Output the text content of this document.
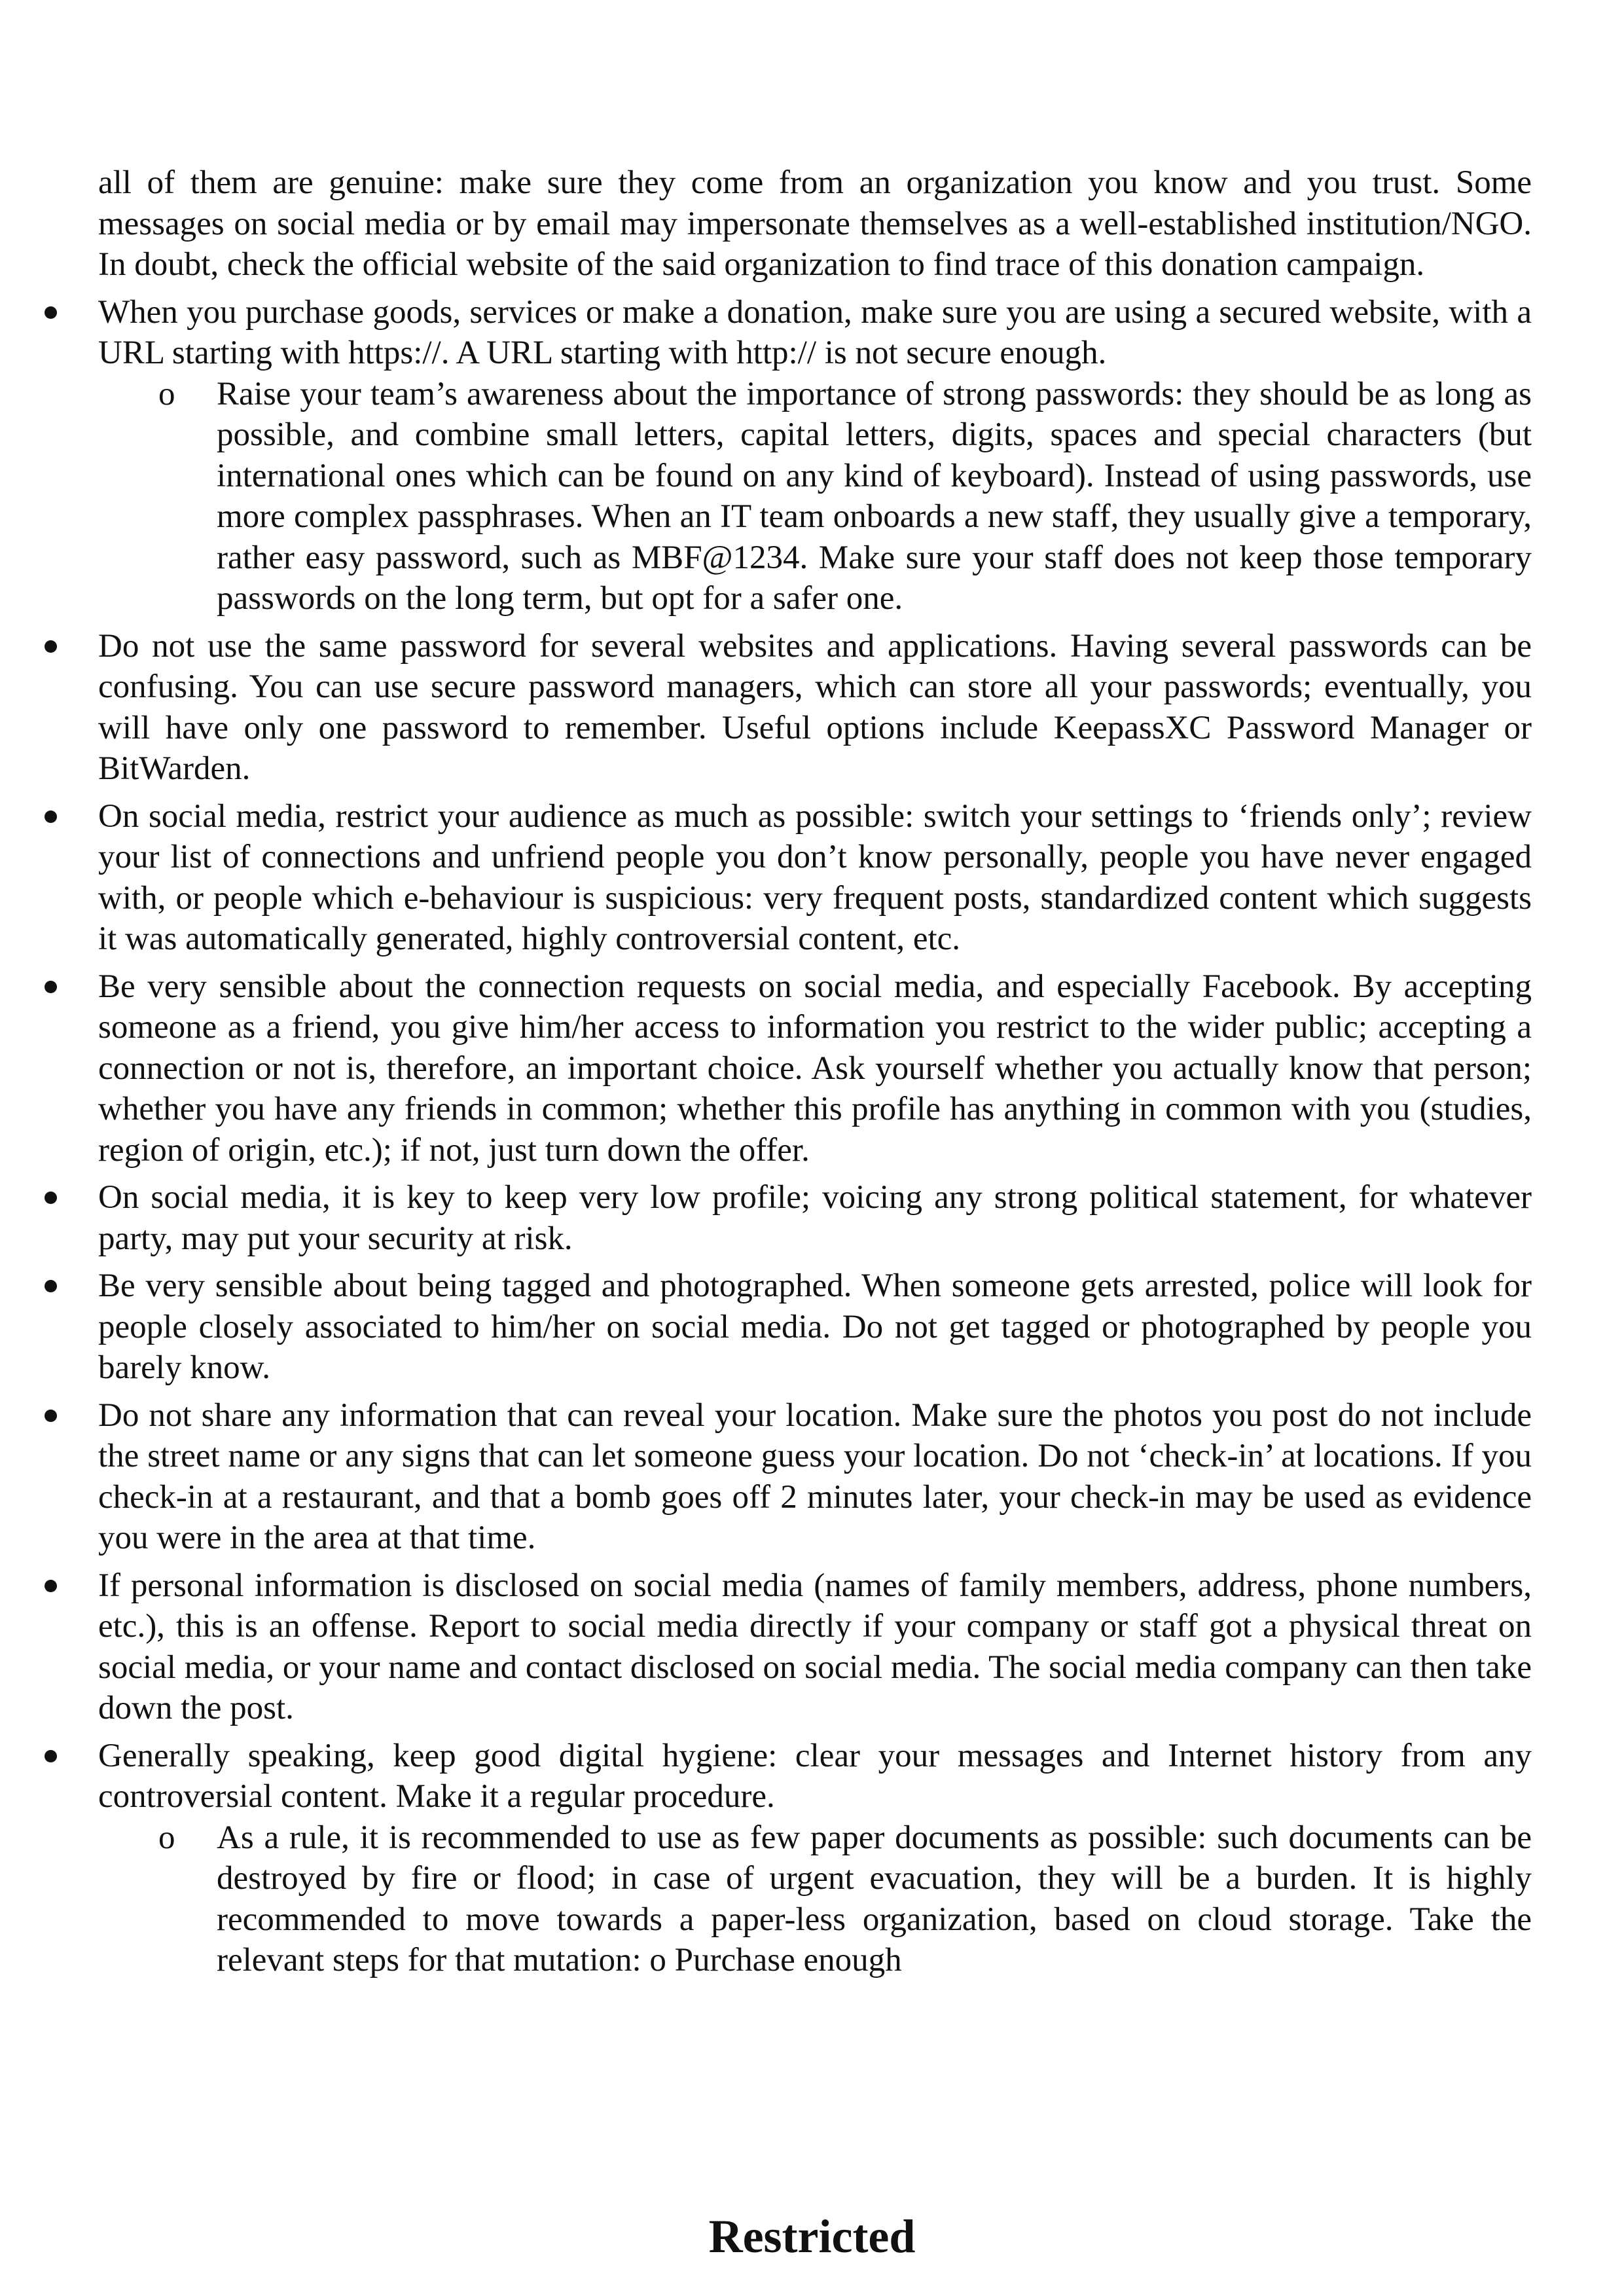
all of them are genuine: make sure they come from an organization you know and you trust. Some messages on social media or by email may impersonate themselves as a well-established institution/NGO. In doubt, check the official website of the said organization to find trace of this donation campaign.

When you purchase goods, services or make a donation, make sure you are using a secured website, with a URL starting with https://. A URL starting with http:// is not secure enough.
o Raise your team’s awareness about the importance of strong passwords: they should be as long as possible, and combine small letters, capital letters, digits, spaces and special characters (but international ones which can be found on any kind of keyboard). Instead of using passwords, use more complex passphrases. When an IT team onboards a new staff, they usually give a temporary, rather easy password, such as MBF@1234. Make sure your staff does not keep those temporary passwords on the long term, but opt for a safer one.
Do not use the same password for several websites and applications. Having several passwords can be confusing. You can use secure password managers, which can store all your passwords; eventually, you will have only one password to remember. Useful options include KeepassXC Password Manager or BitWarden.
On social media, restrict your audience as much as possible: switch your settings to ‘friends only’; review your list of connections and unfriend people you don’t know personally, people you have never engaged with, or people which e-behaviour is suspicious: very frequent posts, standardized content which suggests it was automatically generated, highly controversial content, etc.
Be very sensible about the connection requests on social media, and especially Facebook. By accepting someone as a friend, you give him/her access to information you restrict to the wider public; accepting a connection or not is, therefore, an important choice. Ask yourself whether you actually know that person; whether you have any friends in common; whether this profile has anything in common with you (studies, region of origin, etc.); if not, just turn down the offer.
On social media, it is key to keep very low profile; voicing any strong political statement, for whatever party, may put your security at risk.
Be very sensible about being tagged and photographed. When someone gets arrested, police will look for people closely associated to him/her on social media. Do not get tagged or photographed by people you barely know.
Do not share any information that can reveal your location. Make sure the photos you post do not include the street name or any signs that can let someone guess your location. Do not ‘check-in’ at locations. If you check-in at a restaurant, and that a bomb goes off 2 minutes later, your check-in may be used as evidence you were in the area at that time.
If personal information is disclosed on social media (names of family members, address, phone numbers, etc.), this is an offense. Report to social media directly if your company or staff got a physical threat on social media, or your name and contact disclosed on social media. The social media company can then take down the post.
Generally speaking, keep good digital hygiene: clear your messages and Internet history from any controversial content. Make it a regular procedure.
o As a rule, it is recommended to use as few paper documents as possible: such documents can be destroyed by fire or flood; in case of urgent evacuation, they will be a burden. It is highly recommended to move towards a paper-less organization, based on cloud storage. Take the relevant steps for that mutation: o Purchase enough
Restricted
